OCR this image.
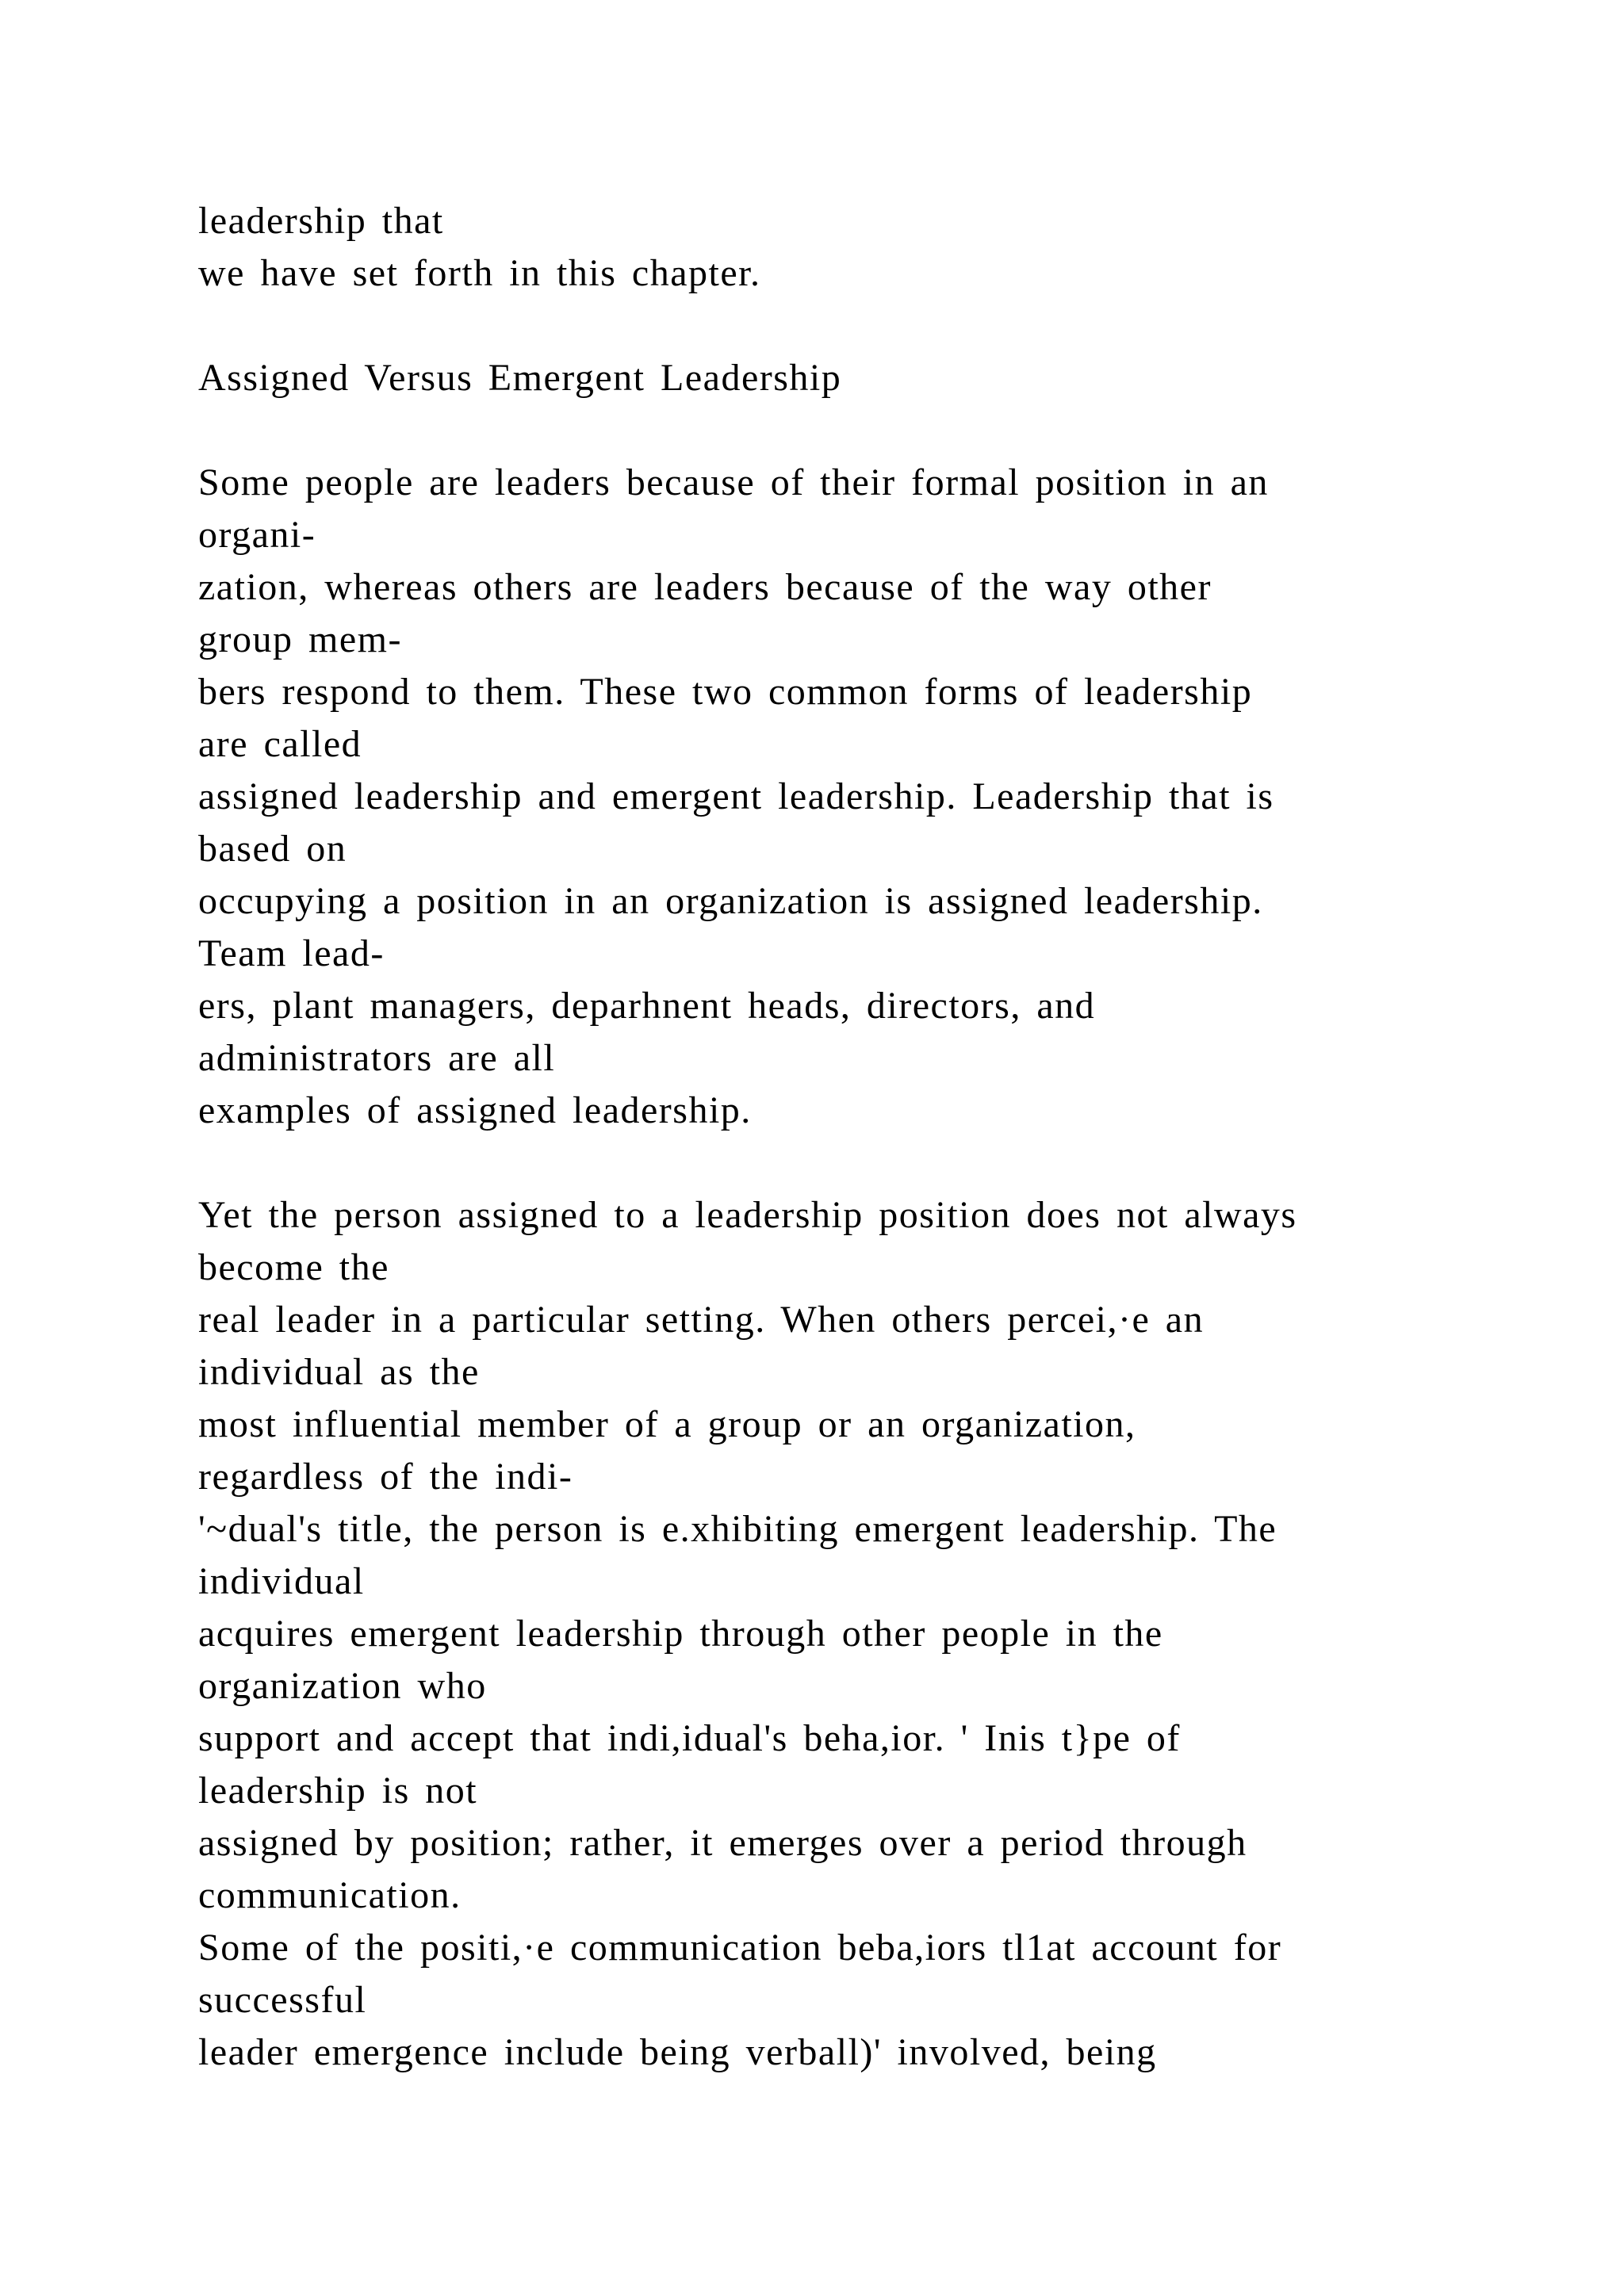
leadership that
we have set forth in this chapter.
Assigned Versus Emergent Leadership
Some people are leaders because of their formal position in an
organi-
zation, whereas others are leaders because of the way other
group mem-
bers respond to them. These two common forms of leadership
are called
assigned leadership and emergent leadership. Leadership that is
based on
occupying a position in an organization is assigned leadership.
Team lead-
ers, plant managers, deparhnent heads, directors, and
administrators are all
examples of assigned leadership.
Yet the person assigned to a leadership position does not always
become the
real leader in a particular setting. When others percei,·e an
individual as the
most influential member of a group or an organization,
regardless of the indi-
'~dual's title, the person is e.xhibiting emergent leadership. The
individual
acquires emergent leadership through other people in the
organization who
support and accept that indi,idual's beha,ior. ' Inis t}pe of
leadership is not
assigned by position; rather, it emerges over a period through
communication.
Some of the positi,·e communication beba,iors tl1at account for
successful
leader emergence include being verball)' involved, being
